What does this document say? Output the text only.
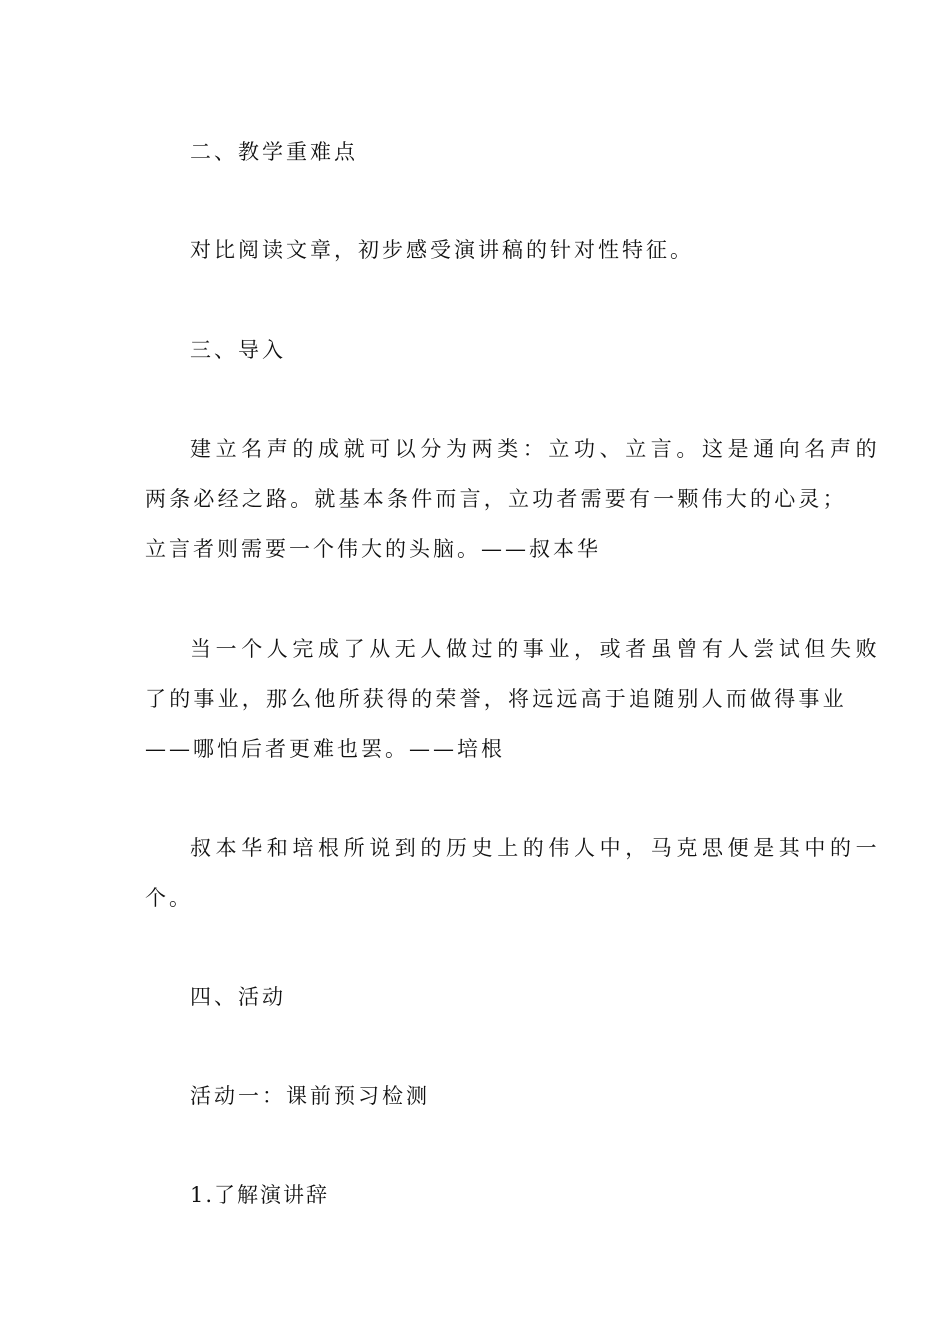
二、教学重难点
对比阅读文章，初步感受演讲稿的针对性特征。
三、导入
建立名声的成就可以分为两类：立功、立言。这是通向名声的
两条必经之路。就基本条件而言，立功者需要有一颗伟大的心灵；
立言者则需要一个伟大的头脑。——叔本华
当一个人完成了从无人做过的事业，或者虽曾有人尝试但失败
了的事业，那么他所获得的荣誉，将远远高于追随别人而做得事业
——哪怕后者更难也罢。——培根
叔本华和培根所说到的历史上的伟人中，马克思便是其中的一
个。
四、活动
活动一：课前预习检测
1.了解演讲辞
